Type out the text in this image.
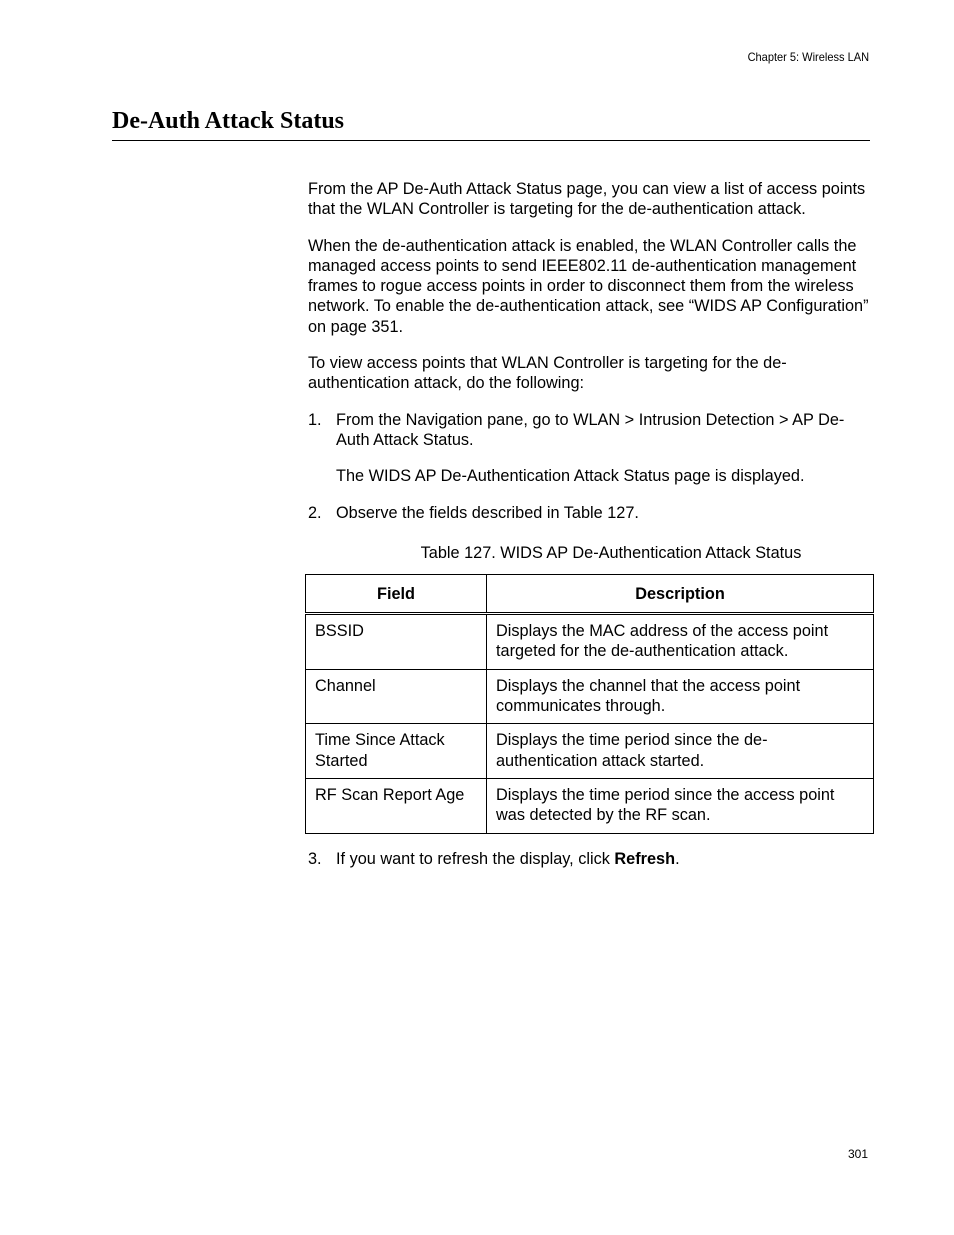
Chapter 5: Wireless LAN
De-Auth Attack Status

From the AP De-Auth Attack Status page, you can view a list of access points that the WLAN Controller is targeting for the de-authentication attack.

When the de-authentication attack is enabled, the WLAN Controller calls the managed access points to send IEEE802.11 de-authentication management frames to rogue access points in order to disconnect them from the wireless network. To enable the de-authentication attack, see “WIDS AP Configuration” on page 351.

To view access points that WLAN Controller is targeting for the de-authentication attack, do the following:

1. From the Navigation pane, go to WLAN > Intrusion Detection > AP De-Auth Attack Status.
The WIDS AP De-Authentication Attack Status page is displayed.
2. Observe the fields described in Table 127.
Table 127. WIDS AP De-Authentication Attack Status
Field	Description
BSSID	Displays the MAC address of the access point targeted for the de-authentication attack.
Channel	Displays the channel that the access point communicates through.
Time Since Attack Started	Displays the time period since the de-authentication attack started.
RF Scan Report Age	Displays the time period since the access point was detected by the RF scan.
3. If you want to refresh the display, click Refresh.
301
